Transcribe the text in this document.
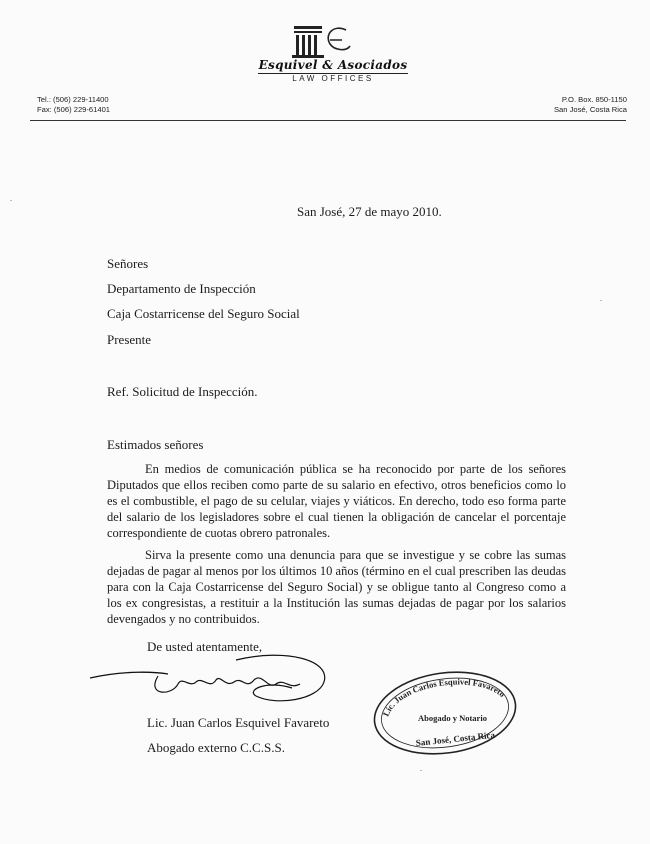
Esquivel & Asociados
LAW OFFICES
Tel.: (506) 229-11400
Fax: (506) 229-61401
P.O. Box. 850-1150
San José, Costa Rica
San José, 27 de mayo 2010.
Señores
Departamento de Inspección
Caja Costarricense del Seguro Social
Presente
Ref. Solicitud de Inspección.
Estimados señores

En medios de comunicación pública se ha reconocido por parte de los señores Diputados que ellos reciben como parte de su salario en efectivo, otros beneficios como lo es el combustible, el pago de su celular, viajes y viáticos. En derecho, todo eso forma parte del salario de los legisladores sobre el cual tienen la obligación de cancelar el porcentaje correspondiente de cuotas obrero patronales.

Sirva la presente como una denuncia para que se investigue y se cobre las sumas dejadas de pagar al menos por los últimos 10 años (término en el cual prescriben las deudas para con la Caja Costarricense del Seguro Social) y se obligue tanto al Congreso como a los ex congresistas, a restituir a la Institución las sumas dejadas de pagar por los salarios devengados y no contribuidos.

De usted atentamente,
Lic. Juan Carlos Esquivel Favareto
Abogado externo C.C.S.S.
Lic. Juan Carlos Esquivel Favareto
Abogado y Notario
San José, Costa Rica
